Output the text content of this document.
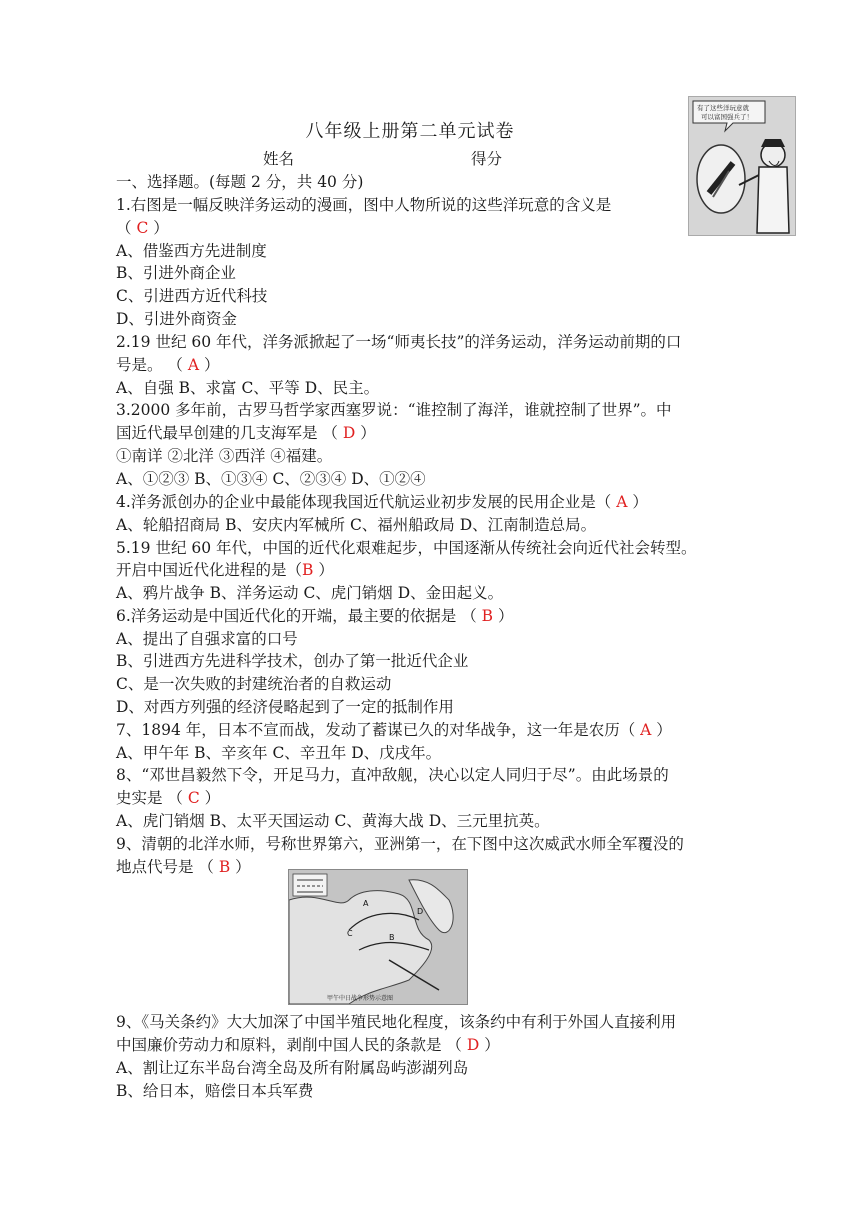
八年级上册第二单元试卷
姓名	得分
一、选择题。(每题 2 分，共 40 分)
1.右图是一幅反映洋务运动的漫画，图中人物所说的这些洋玩意的含义是
（ C ）
A、借鉴西方先进制度
B、引进外商企业
C、引进西方近代科技
D、引进外商资金
2.19 世纪 60 年代，洋务派掀起了一场“师夷长技”的洋务运动，洋务运动前期的口
号是。 （ A ）
A、自强 B、求富 C、平等 D、民主。
3.2000 多年前，古罗马哲学家西塞罗说：“谁控制了海洋，谁就控制了世界”。中
国近代最早创建的几支海军是 （ D ）
①南详 ②北洋 ③西洋 ④福建。
A、①②③ B、①③④ C、②③④ D、①②④
4.洋务派创办的企业中最能体现我国近代航运业初步发展的民用企业是（ A ）
A、轮船招商局 B、安庆内军械所 C、福州船政局 D、江南制造总局。
5.19 世纪 60 年代，中国的近代化艰难起步，中国逐渐从传统社会向近代社会转型。
开启中国近代化进程的是（B ）
A、鸦片战争 B、洋务运动 C、虎门销烟 D、金田起义。
6.洋务运动是中国近代化的开端，最主要的依据是 （ B ）
A、提出了自强求富的口号
B、引进西方先进科学技术，创办了第一批近代企业
C、是一次失败的封建统治者的自救运动
D、对西方列强的经济侵略起到了一定的抵制作用
7、1894 年，日本不宣而战，发动了蓄谋已久的对华战争，这一年是农历（ A ）
A、甲午年 B、辛亥年 C、辛丑年 D、戊戌年。
8、“邓世昌毅然下令，开足马力，直冲敌舰，决心以定人同归于尽”。由此场景的
史实是 （ C ）
A、虎门销烟 B、太平天国运动 C、黄海大战 D、三元里抗英。
9、清朝的北洋水师，号称世界第六，亚洲第一，在下图中这次威武水师全军覆没的
地点代号是 （ B ）
9、《马关条约》大大加深了中国半殖民地化程度，该条约中有利于外国人直接利用
中国廉价劳动力和原料，剥削中国人民的条款是 （ D ）
A、割让辽东半岛台湾全岛及所有附属岛屿澎湖列岛
B、给日本，赔偿日本兵军费
有了这些洋玩意就
可以富国强兵了！
A
C	B
D
甲午中日战争形势示意图
